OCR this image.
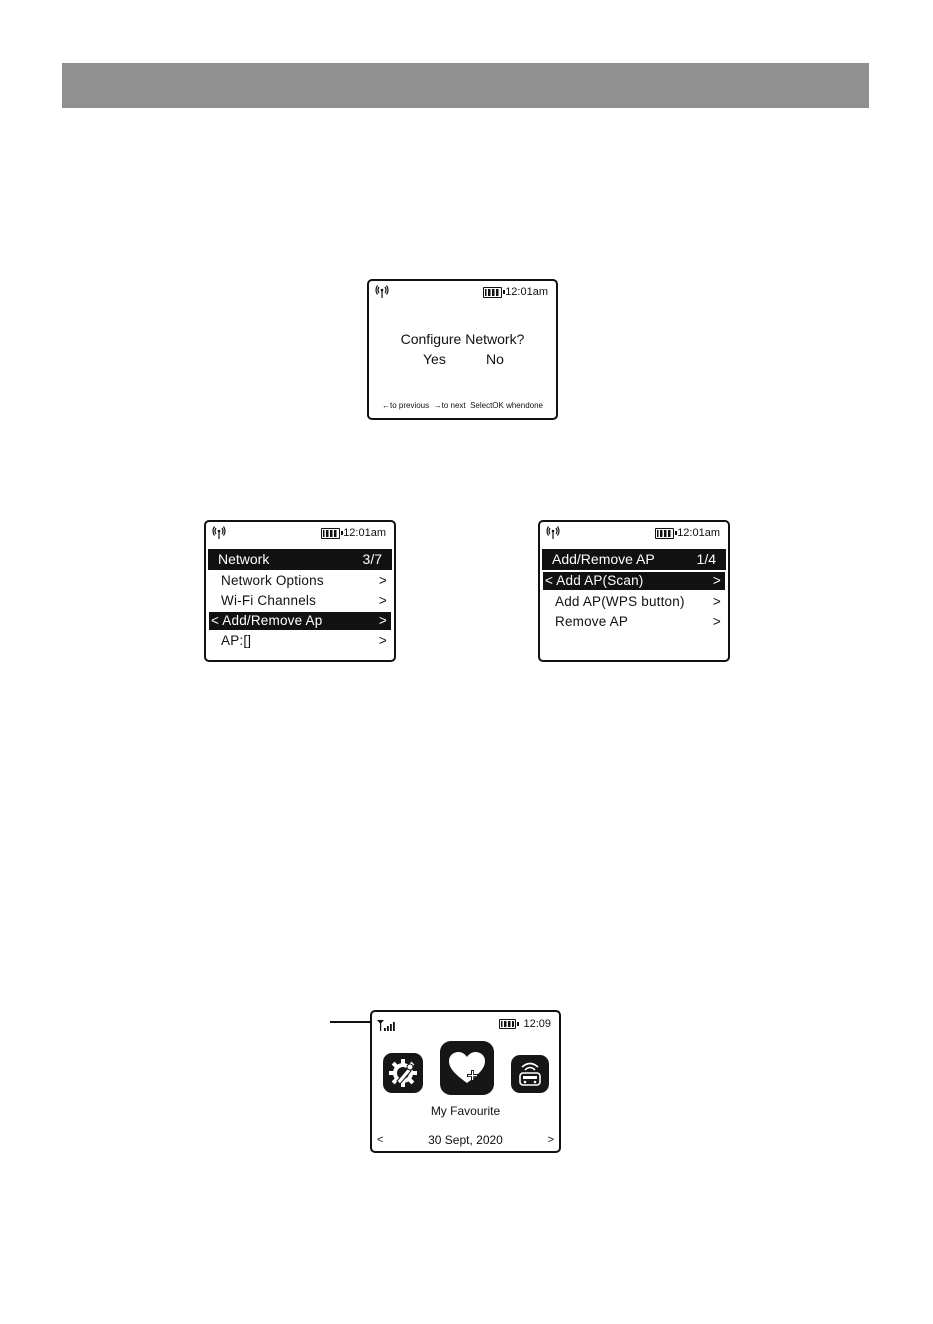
12:01am
Configure Network?
Yes	No
←to previous →to next SelectOK whendone
12:01am
Network	3/7
Network Options	>
Wi-Fi Channels	>
< Add/Remove Ap	>
AP:[]	>
12:01am
Add/Remove AP	1/4
< Add AP(Scan)	>
Add AP(WPS button) >
Remove AP	>
12:09
My Favourite
<	30 Sept, 2020	>
